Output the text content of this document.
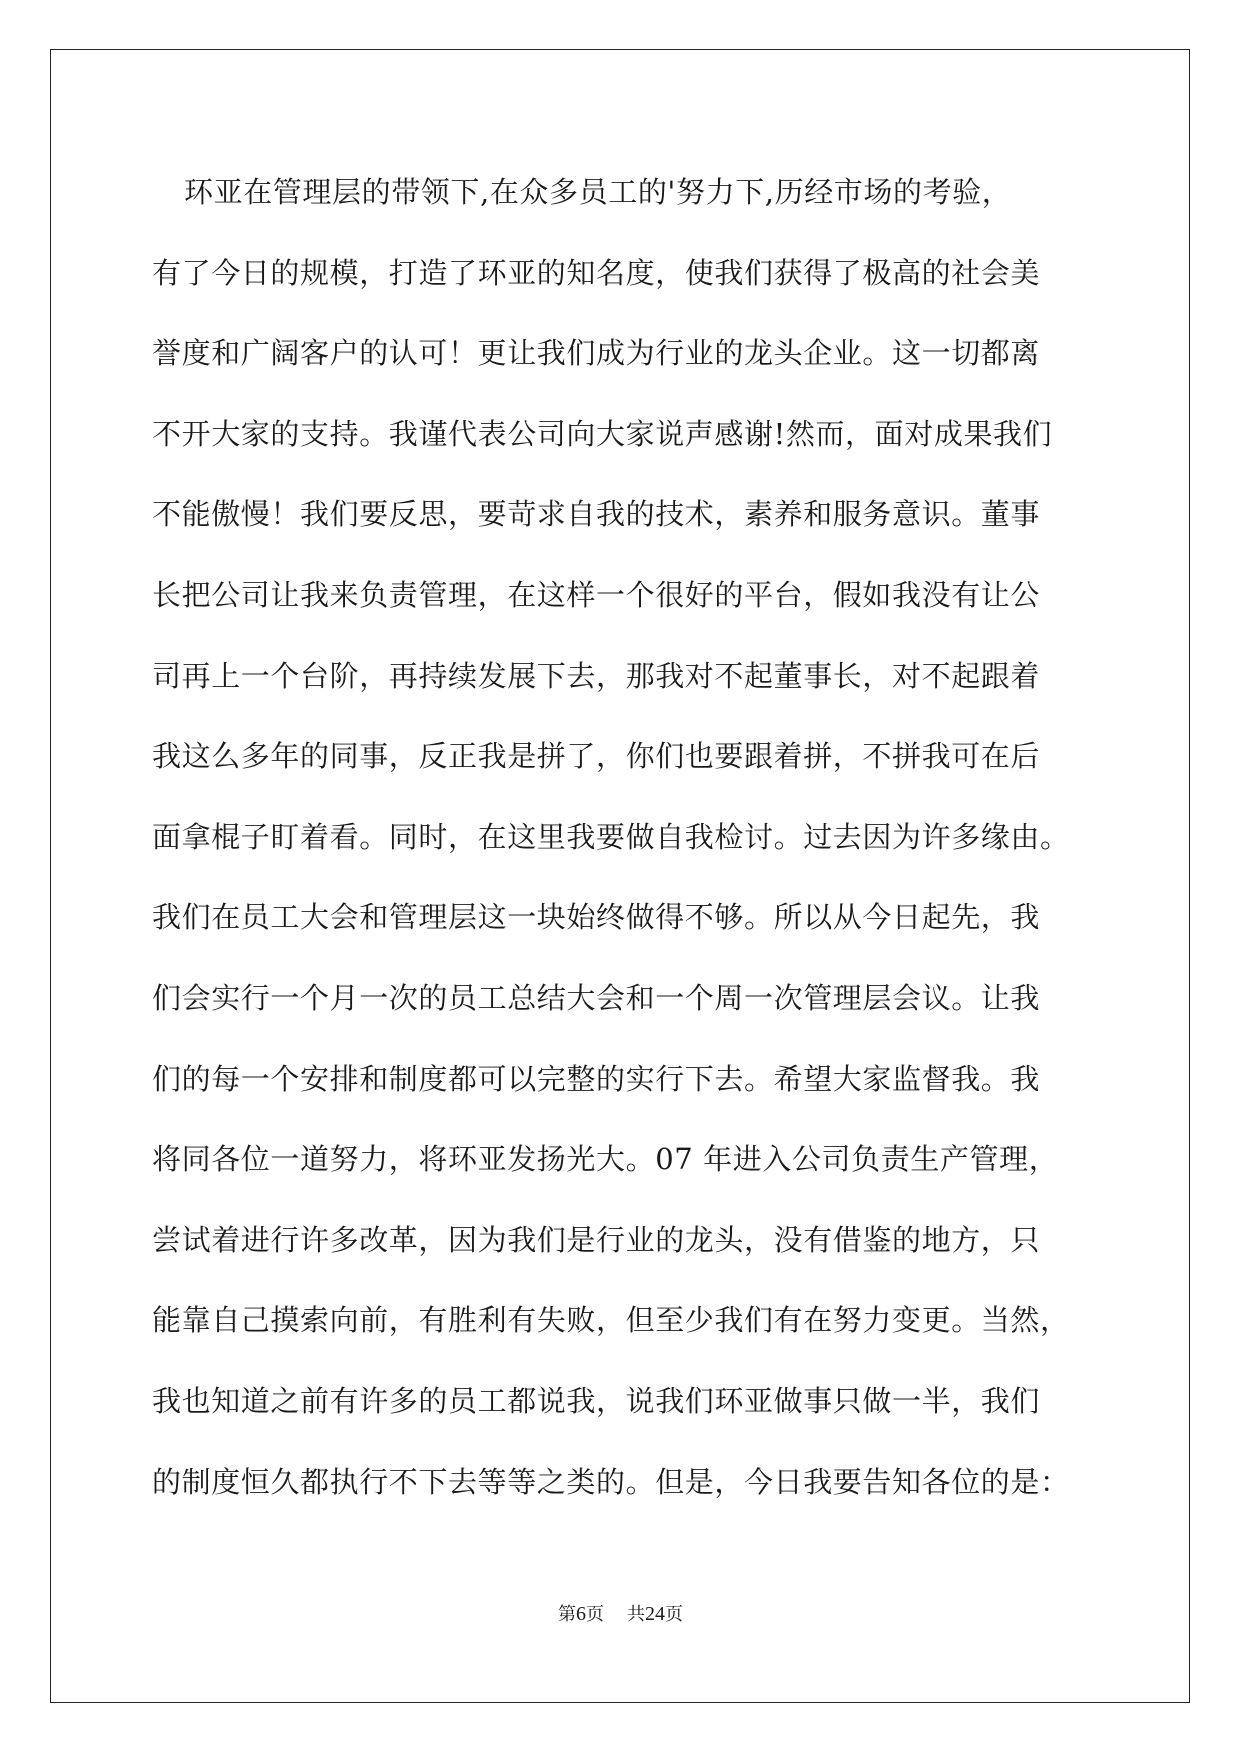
环亚在管理层的带领下,在众多员工的'努力下,历经市场的考验，
有了今日的规模，打造了环亚的知名度，使我们获得了极高的社会美
誉度和广阔客户的认可！更让我们成为行业的龙头企业。这一切都离
不开大家的支持。我谨代表公司向大家说声感谢!然而，面对成果我们
不能傲慢！我们要反思，要苛求自我的技术，素养和服务意识。董事
长把公司让我来负责管理，在这样一个很好的平台，假如我没有让公
司再上一个台阶，再持续发展下去，那我对不起董事长，对不起跟着
我这么多年的同事，反正我是拼了，你们也要跟着拼，不拼我可在后
面拿棍子盯着看。同时，在这里我要做自我检讨。过去因为许多缘由。
我们在员工大会和管理层这一块始终做得不够。所以从今日起先，我
们会实行一个月一次的员工总结大会和一个周一次管理层会议。让我
们的每一个安排和制度都可以完整的实行下去。希望大家监督我。我
将同各位一道努力，将环亚发扬光大。07 年进入公司负责生产管理，
尝试着进行许多改革，因为我们是行业的龙头，没有借鉴的地方，只
能靠自己摸索向前，有胜利有失败，但至少我们有在努力变更。当然，
我也知道之前有许多的员工都说我，说我们环亚做事只做一半，我们
的制度恒久都执行不下去等等之类的。但是，今日我要告知各位的是：
第6页 共24页
